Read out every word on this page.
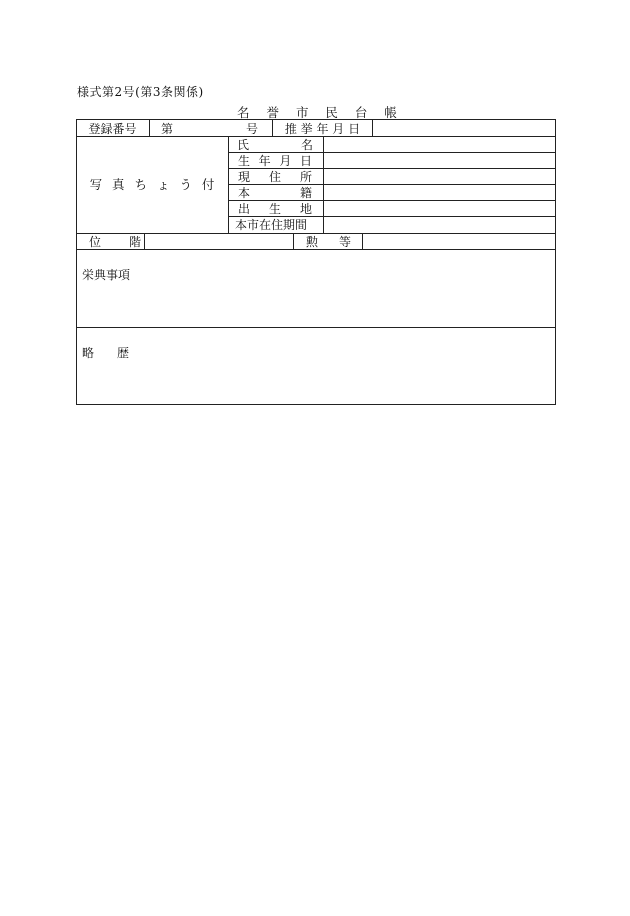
様式第2号(第3条関係)
名 誉 市 民 台 帳
登録番号	第	号	推 挙 年 月 日
写 真 ち ょ う 付
氏	名
生 年 月 日
現 住 所
本	籍
出 生 地
本市在住期間
位 階	勲 等
栄典事項
略 歴
